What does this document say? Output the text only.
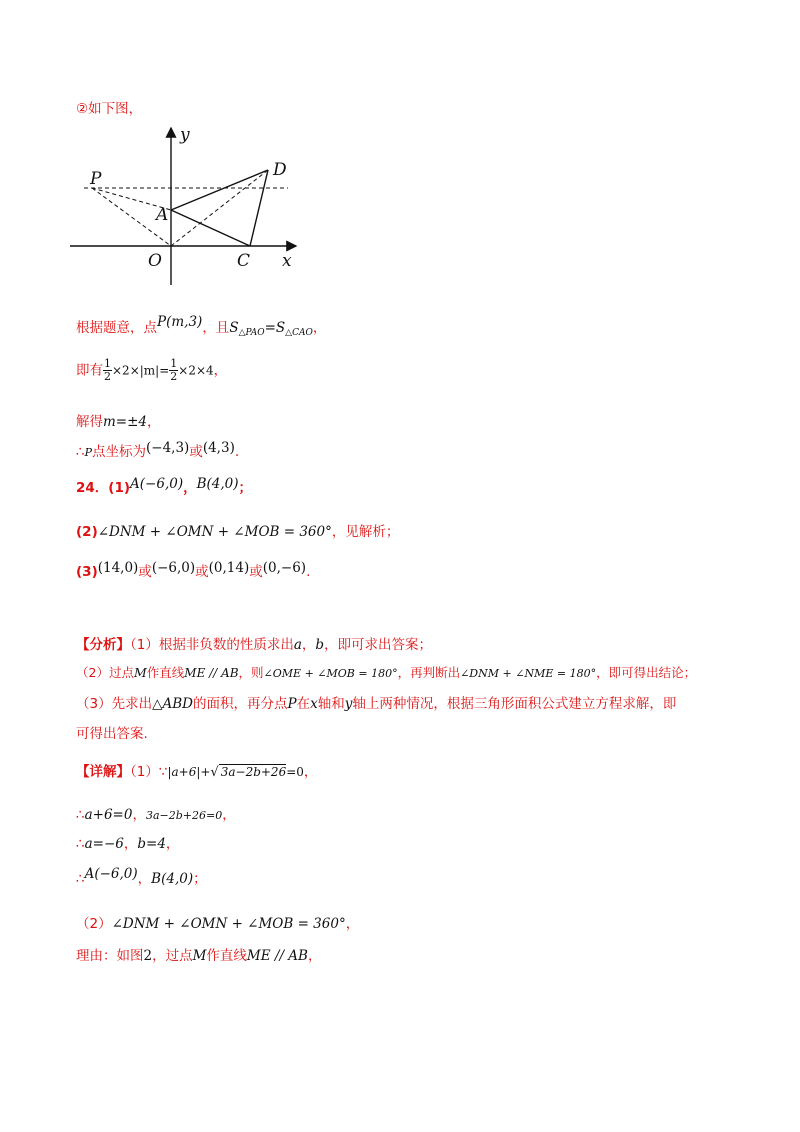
②如下图，
y
x
P	D
A
O	C
根据题意，点P(m,3)，且$S_{\triangle PAO}=S_{\triangle CAO}$，
即有 $\frac{1}{2} \times 2\times|m|= \frac{1}{2} \times 2\times 4$，
解得m=±4，
∴P点坐标为(−4,3)或(4,3).
24．(1)A(−6,0)，B(4,0)；
(2)∠DNM + ∠OMN + ∠MOB = 360°，见解析；
(3)(14,0)或(−6,0)或(0,14)或(0,−6).
【分析】（1）根据非负数的性质求出a，b，即可求出答案；
（2）过点M作直线ME // AB，则∠OME + ∠MOB = 180°，再判断出∠DNM + ∠NME = 180°，即可得出结论；
（3）先求出△ABD的面积，再分点P在x轴和y轴上两种情况，根据三角形面积公式建立方程求解，即
可得出答案.
【详解】（1）∵|a+6|+√ 3a−2b+26=0，
∴a+6=0，3a−2b+26=0，
∴a=−6，b=4，
∴A(−6,0)，B(4,0)；
（2）∠DNM + ∠OMN + ∠MOB = 360°，
理由：如图2，过点M作直线ME // AB，
